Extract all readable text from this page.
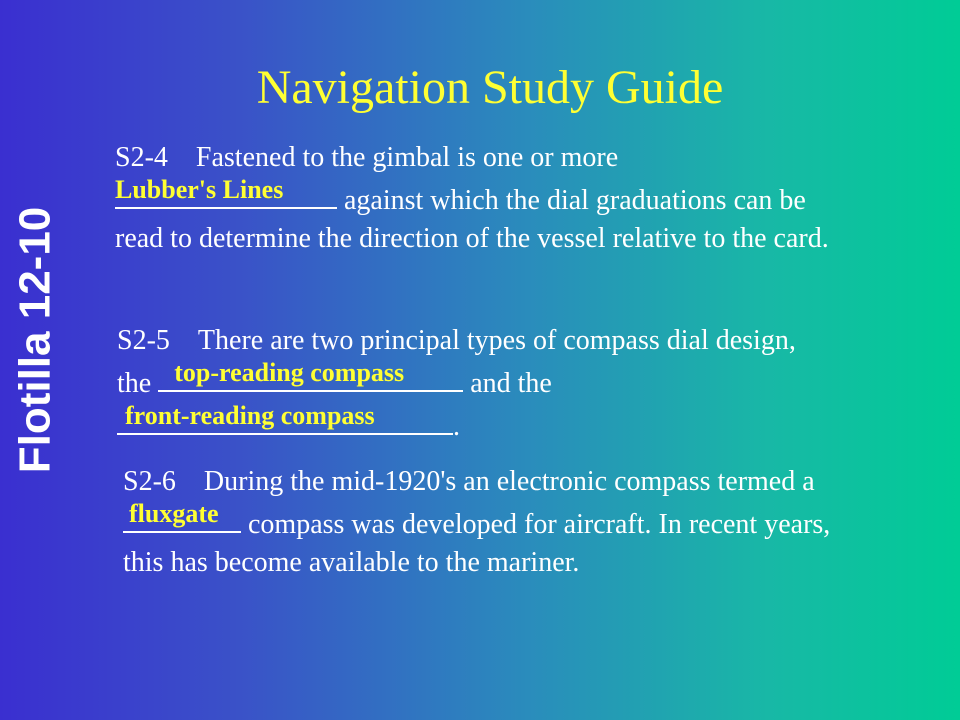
Flotilla 12-10
Navigation Study Guide

S2-4 Fastened to the gimbal is one or more

Lubber's Lines against which the dial graduations can be read to determine the direction of the vessel relative to the card.

S2-5 There are two principal types of compass dial design, the top-reading compass and the

front-reading compass	.

S2-6 During the mid-1920's an electronic compass termed a
fluxgate compass was developed for aircraft. In recent years, this has become available to the mariner.
